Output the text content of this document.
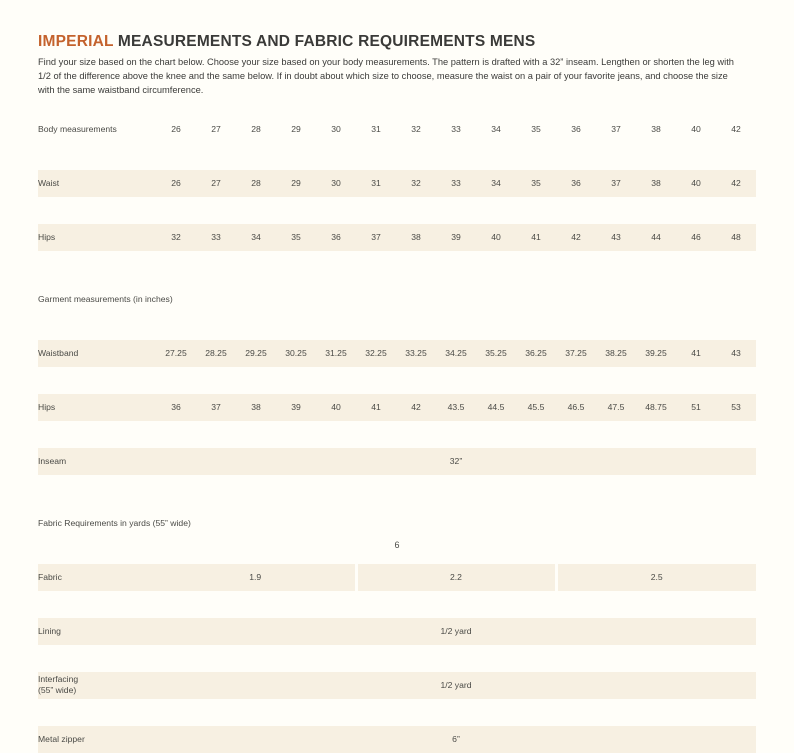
IMPERIAL MEASUREMENTS AND FABRIC REQUIREMENTS MENS

Find your size based on the chart below. Choose your size based on your body measurements. The pattern is drafted with a 32” inseam. Lengthen or shorten the leg with 1/2 of the difference above the knee and the same below. If in doubt about which size to choose, measure the waist on a pair of your favorite jeans, and choose the size with the same waistband circumference.

Body measurements	26	27	28	29	30	31	32	33	34	35	36	37	38	40	42

Waist	26	27	28	29	30	31	32	33	34	35	36	37	38	40	42

Hips	32	33	34	35	36	37	38	39	40	41	42	43	44	46	48

Garment measurements (in inches)															

Waistband	27.25	28.25	29.25	30.25	31.25	32.25	33.25	34.25	35.25	36.25	37.25	38.25	39.25	41	43

Hips	36	37	38	39	40	41	42	43.5	44.5	45.5	46.5	47.5	48.75	51	53

Inseam	32”														

Fabric Requirements in yards (55” wide)			

Fabric	1.9	2.2	2.5

Lining	1/2 yard		

Interfacing
(55” wide)	1/2 yard		

Metal zipper	6”		
6
